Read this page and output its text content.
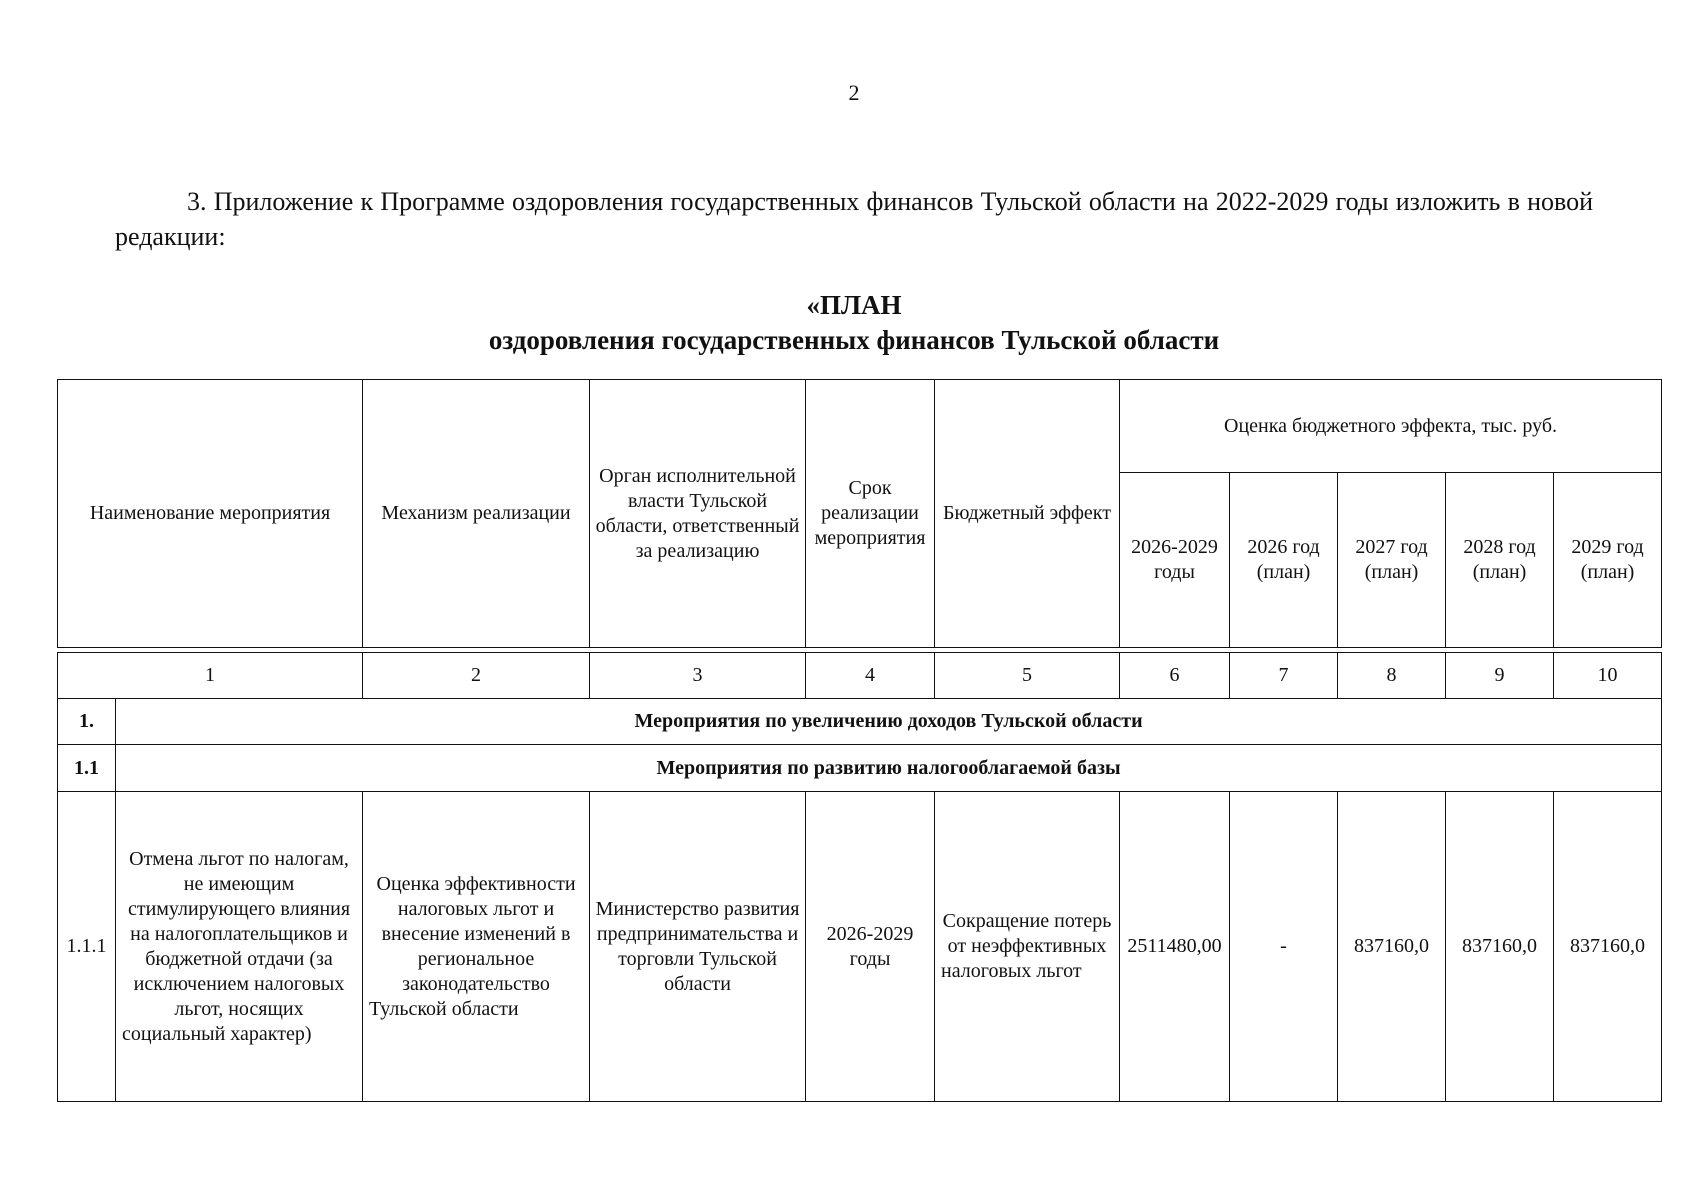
2
3. Приложение к Программе оздоровления государственных финансов Тульской области на 2022-2029 годы изложить в новой редакции:
«ПЛАН
оздоровления государственных финансов Тульской области
Наименование мероприятия		Механизм реализации	Орган исполнительной власти Тульской области, ответственный за реализацию	Срок реализации мероприятия	Бюджетный эффект	Оценка бюджетного эффекта, тыс. руб.				
						2026-2029 годы	2026 год (план)	2027 год (план)	2028 год (план)	2029 год (план)

1		2	3	4	5	6	7	8	9	10
1.	Мероприятия по увеличению доходов Тульской области									
1.1	Мероприятия по развитию налогооблагаемой базы									
1.1.1	Отмена льгот по налогам, не имеющим стимулирующего влияния на налогоплательщиков и бюджетной отдачи (за исключением налоговых льгот, носящих социальный характер)	Оценка эффективности налоговых льгот и внесение изменений в региональное законодательство Тульской области	Министерство развития предпринимательства и торговли Тульской области	2026-2029 годы	Сокращение потерь от неэффективных налоговых льгот	2511480,00	-	837160,0	837160,0	837160,0
